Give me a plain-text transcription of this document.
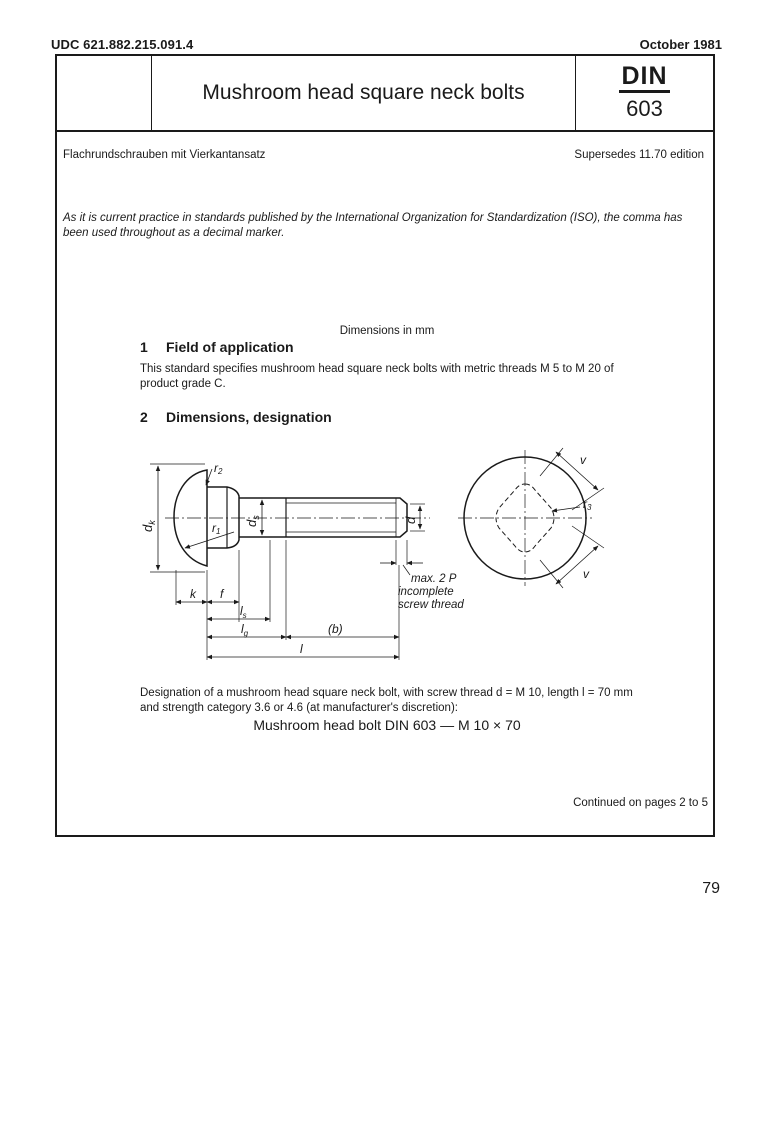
UDC 621.882.215.091.4	October 1981
Mushroom head square neck bolts
DIN
603
Flachrundschrauben mit Vierkantansatz	Supersedes 11.70 edition
As it is current practice in standards published by the International Organization for Standardization (ISO), the comma has been used throughout as a decimal marker.
Dimensions in mm
1 Field of application
This standard specifies mushroom head square neck bolts with metric threads M 5 to M 20 of product grade C.
2 Dimensions, designation
$d_k$	$d_s$	d
r2
r1
k f
$l_s$
$l_g$	(b)
l
max. 2 P
incomplete
screw thread
v
v
r3
Designation of a mushroom head square neck bolt, with screw thread d = M 10, length l = 70 mm and strength category 3.6 or 4.6 (at manufacturer's discretion):
Mushroom head bolt DIN 603 — M 10 × 70
Continued on pages 2 to 5
79
